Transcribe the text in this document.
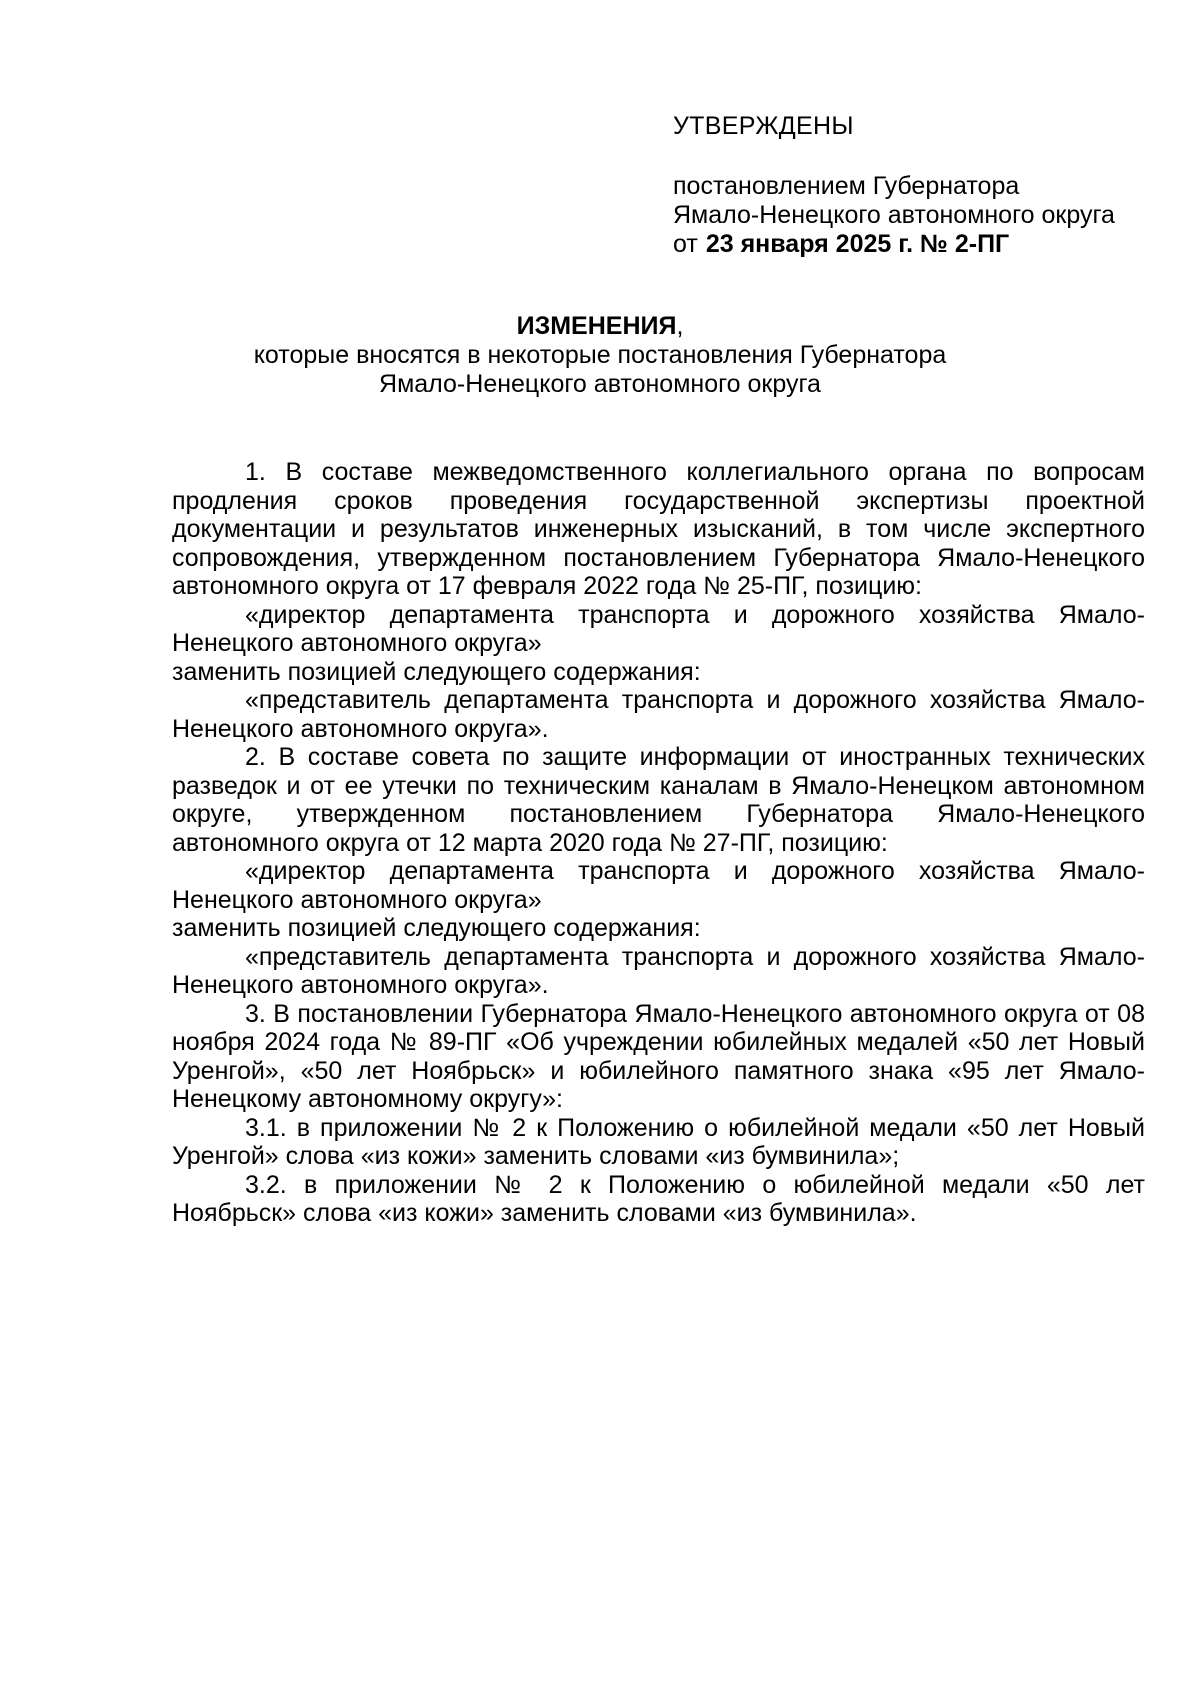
УТВЕРЖДЕНЫ
постановлением Губернатора
Ямало-Ненецкого автономного округа
от 23 января 2025 г. № 2-ПГ
ИЗМЕНЕНИЯ,
которые вносятся в некоторые постановления Губернатора
Ямало-Ненецкого автономного округа

1. В составе межведомственного коллегиального органа по вопросам продления сроков проведения государственной экспертизы проектной документации и результатов инженерных изысканий, в том числе экспертного сопровождения, утвержденном постановлением Губернатора Ямало-Ненецкого автономного округа от 17 февраля 2022 года № 25-ПГ, позицию:

«директор департамента транспорта и дорожного хозяйства Ямало-Ненецкого автономного округа»

заменить позицией следующего содержания:

«представитель департамента транспорта и дорожного хозяйства Ямало-Ненецкого автономного округа».

2. В составе совета по защите информации от иностранных технических разведок и от ее утечки по техническим каналам в Ямало-Ненецком автономном округе, утвержденном постановлением Губернатора Ямало-Ненецкого автономного округа от 12 марта 2020 года № 27-ПГ, позицию:

«директор департамента транспорта и дорожного хозяйства Ямало-Ненецкого автономного округа»

заменить позицией следующего содержания:

«представитель департамента транспорта и дорожного хозяйства Ямало-Ненецкого автономного округа».

3. В постановлении Губернатора Ямало-Ненецкого автономного округа от 08 ноября 2024 года № 89-ПГ «Об учреждении юбилейных медалей «50 лет Новый Уренгой», «50 лет Ноябрьск» и юбилейного памятного знака «95 лет Ямало-Ненецкому автономному округу»:

3.1. в приложении № 2 к Положению о юбилейной медали «50 лет Новый Уренгой» слова «из кожи» заменить словами «из бумвинила»;

3.2. в приложении № 2 к Положению о юбилейной медали «50 лет Ноябрьск» слова «из кожи» заменить словами «из бумвинила».
